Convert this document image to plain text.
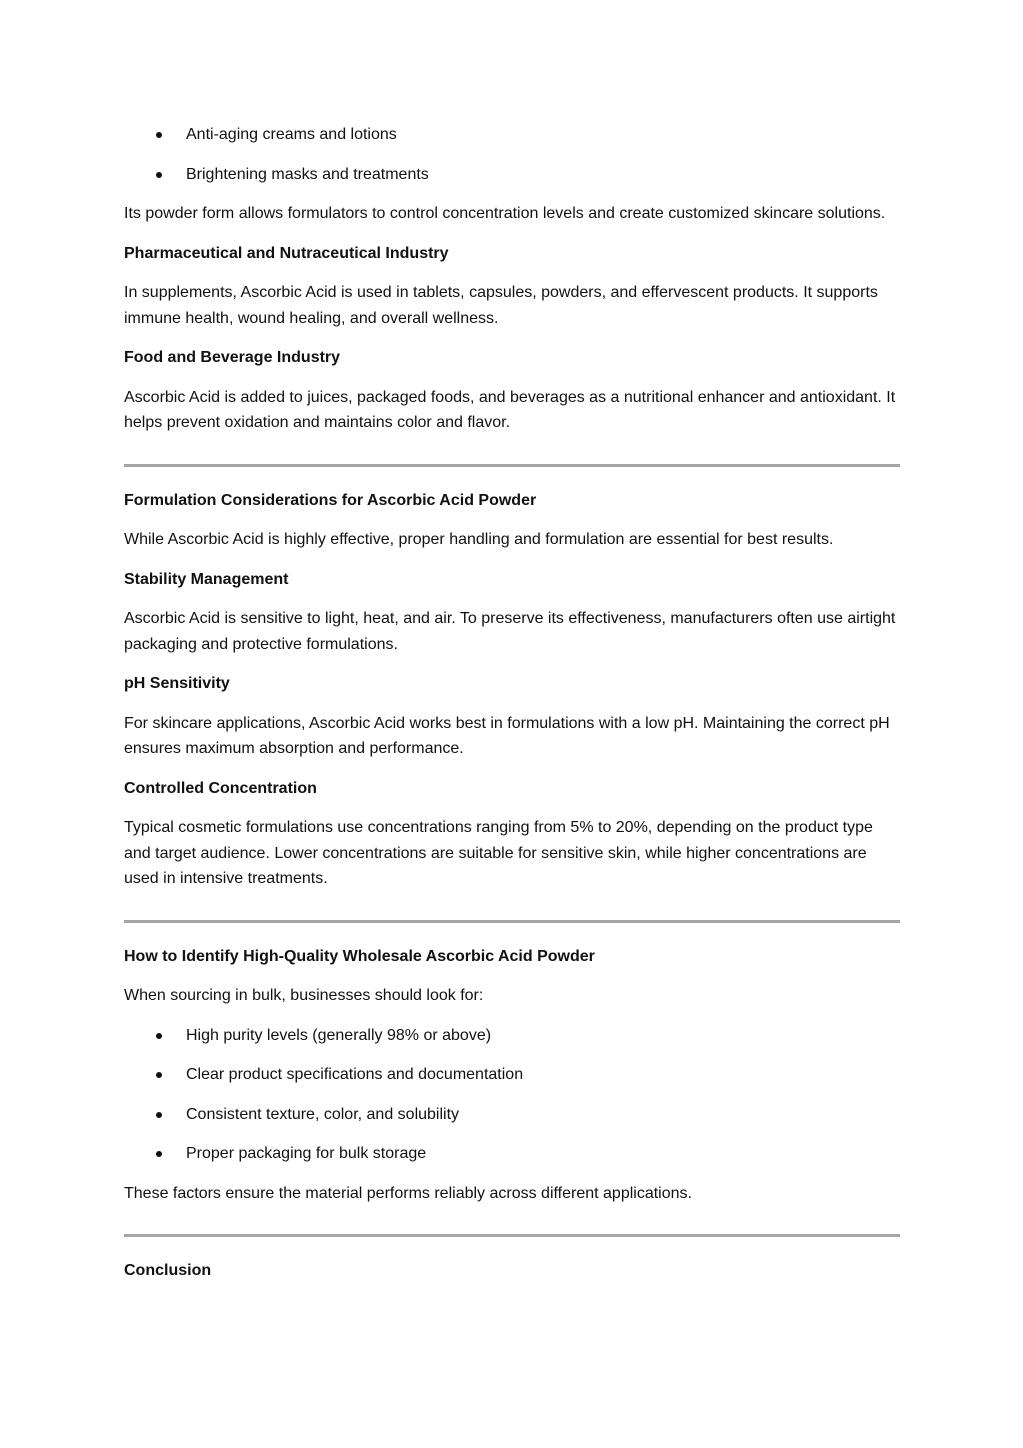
Anti-aging creams and lotions
Brightening masks and treatments

Its powder form allows formulators to control concentration levels and create customized skincare solutions.

Pharmaceutical and Nutraceutical Industry

In supplements, Ascorbic Acid is used in tablets, capsules, powders, and effervescent products. It supports immune health, wound healing, and overall wellness.

Food and Beverage Industry

Ascorbic Acid is added to juices, packaged foods, and beverages as a nutritional enhancer and antioxidant. It helps prevent oxidation and maintains color and flavor.

Formulation Considerations for Ascorbic Acid Powder

While Ascorbic Acid is highly effective, proper handling and formulation are essential for best results.

Stability Management

Ascorbic Acid is sensitive to light, heat, and air. To preserve its effectiveness, manufacturers often use airtight packaging and protective formulations.

pH Sensitivity

For skincare applications, Ascorbic Acid works best in formulations with a low pH. Maintaining the correct pH ensures maximum absorption and performance.

Controlled Concentration

Typical cosmetic formulations use concentrations ranging from 5% to 20%, depending on the product type and target audience. Lower concentrations are suitable for sensitive skin, while higher concentrations are used in intensive treatments.

How to Identify High-Quality Wholesale Ascorbic Acid Powder

When sourcing in bulk, businesses should look for:

High purity levels (generally 98% or above)
Clear product specifications and documentation
Consistent texture, color, and solubility
Proper packaging for bulk storage

These factors ensure the material performs reliably across different applications.

Conclusion
